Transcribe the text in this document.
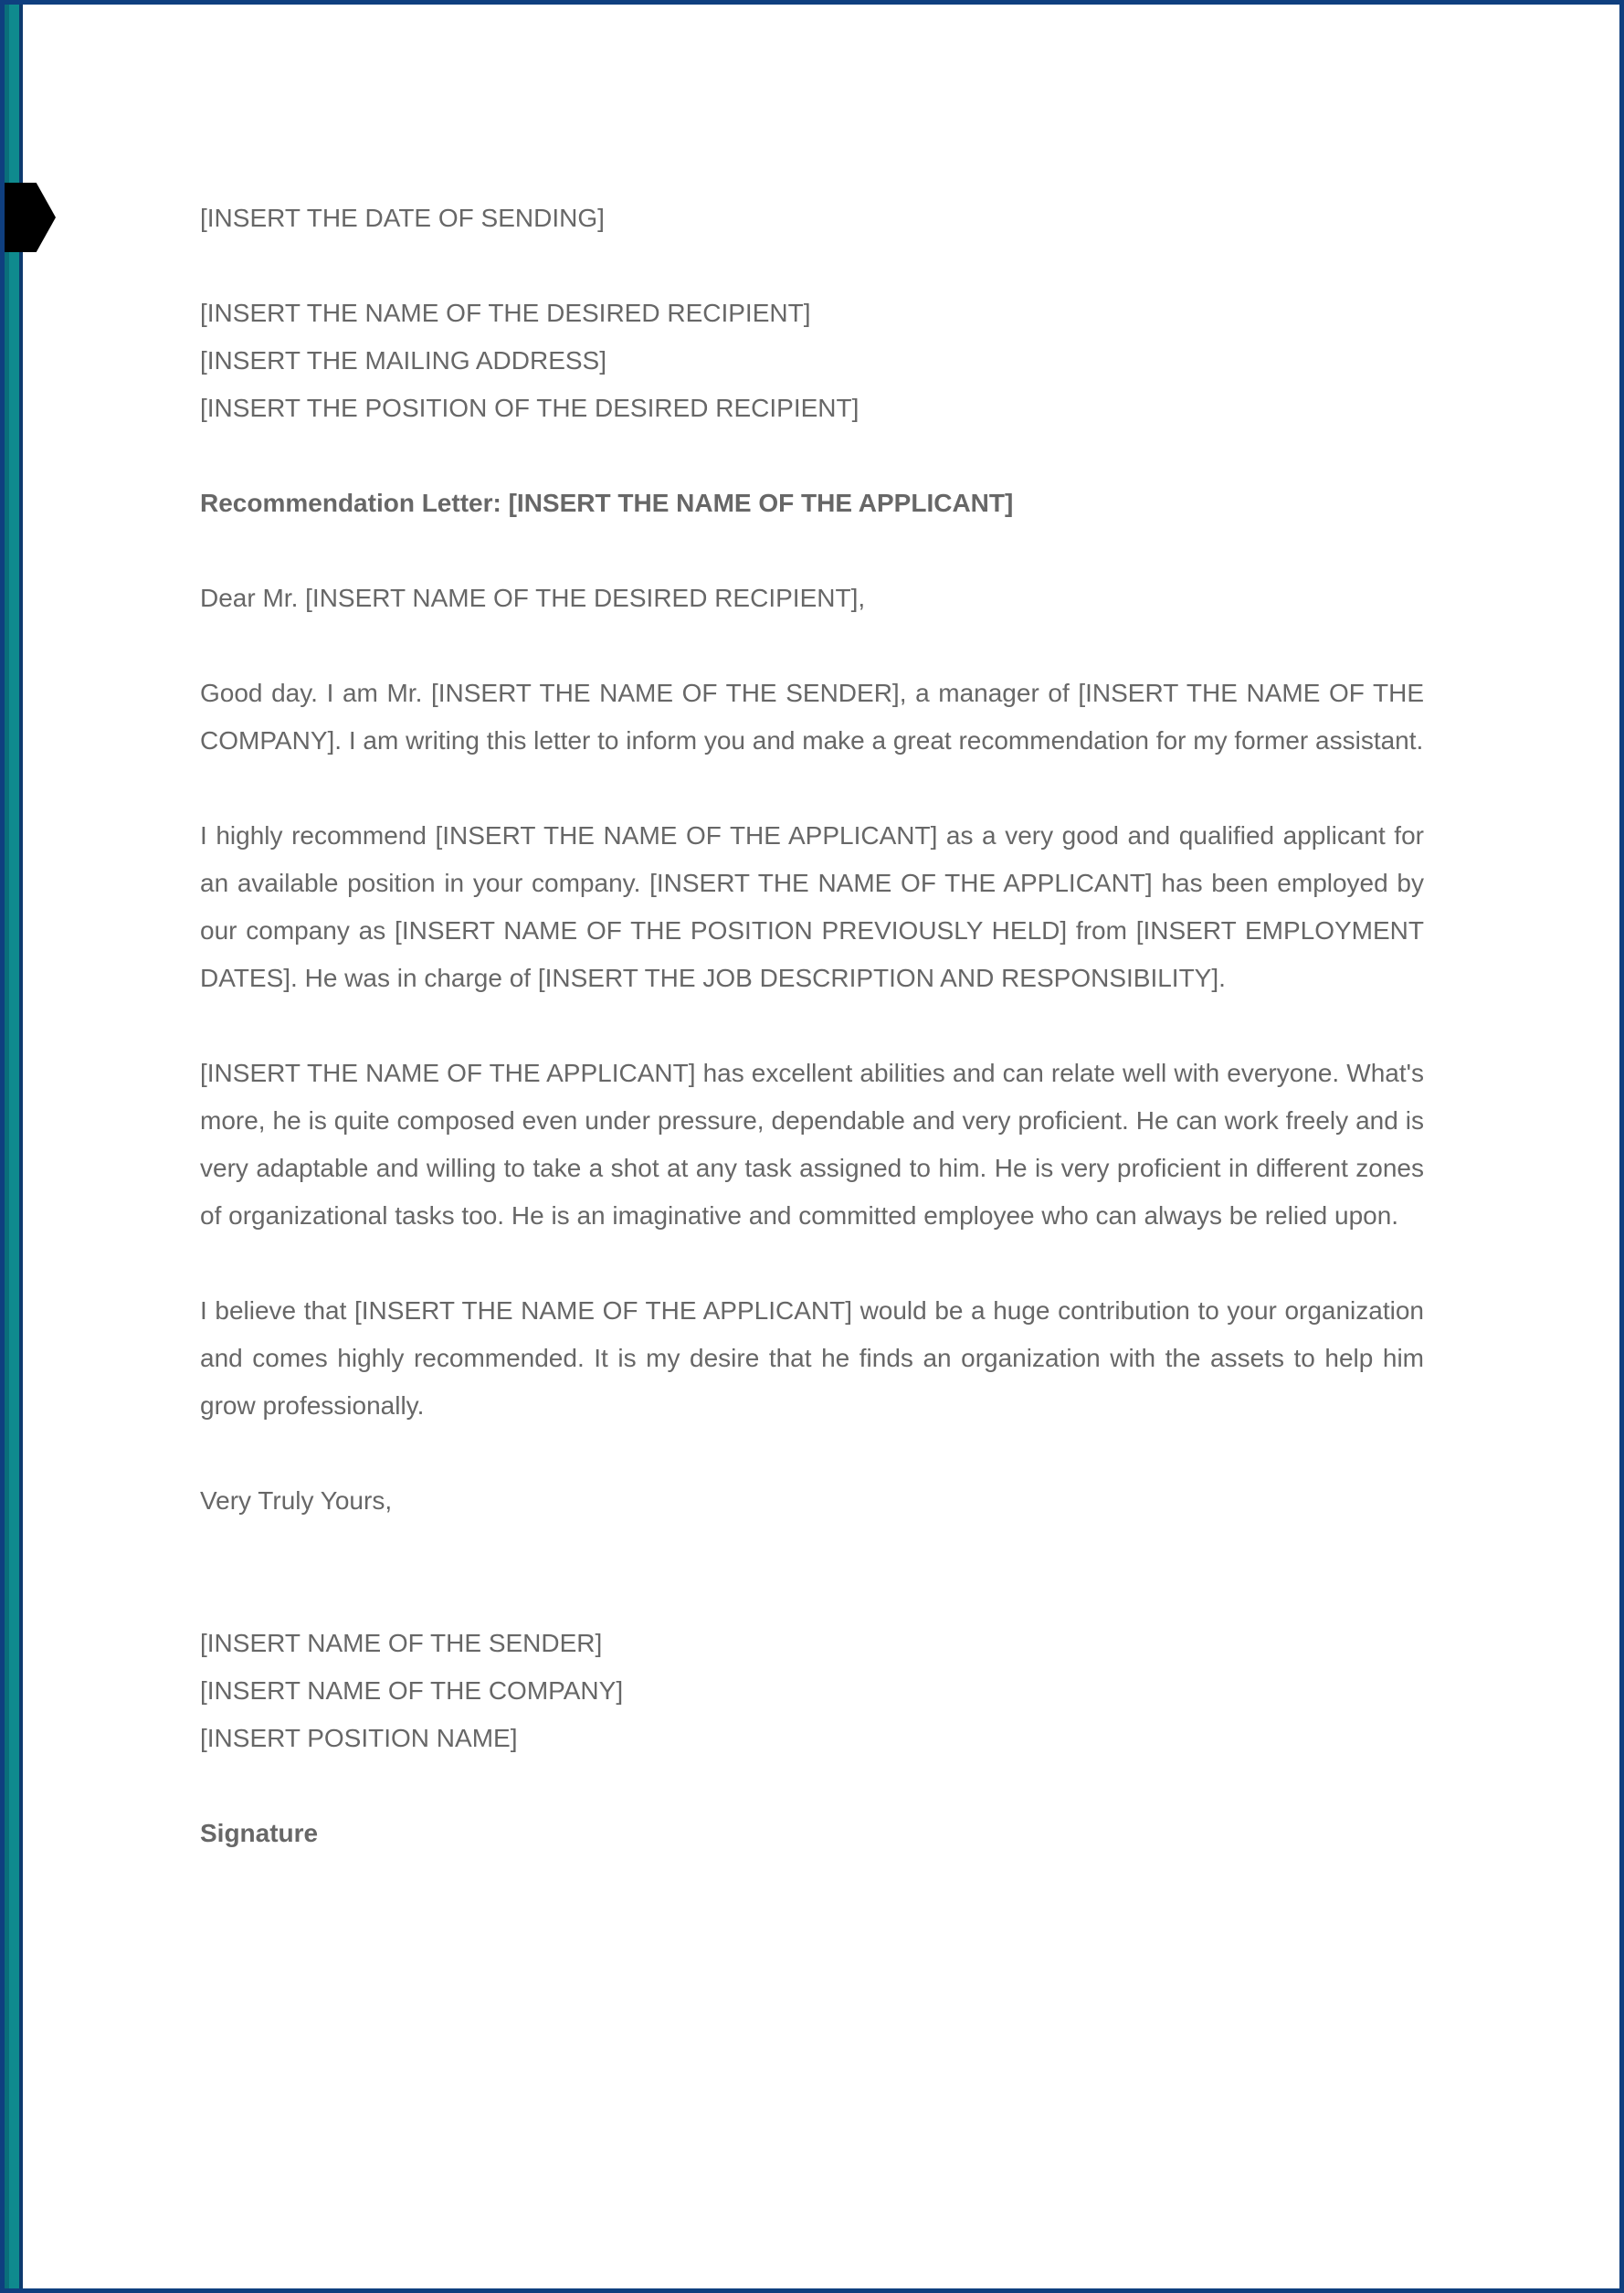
[INSERT THE DATE OF SENDING]

[INSERT THE NAME OF THE DESIRED RECIPIENT]

[INSERT THE MAILING ADDRESS]

[INSERT THE POSITION OF THE DESIRED RECIPIENT]

Recommendation Letter: [INSERT THE NAME OF THE APPLICANT]

Dear Mr. [INSERT NAME OF THE DESIRED RECIPIENT],

Good day. I am Mr. [INSERT THE NAME OF THE SENDER], a manager of [INSERT THE NAME OF THE COMPANY]. I am writing this letter to inform you and make a great recommendation for my former assistant.

I highly recommend [INSERT THE NAME OF THE APPLICANT] as a very good and qualified applicant for an available position in your company. [INSERT THE NAME OF THE APPLICANT] has been employed by our company as [INSERT NAME OF THE POSITION PREVIOUSLY HELD] from [INSERT EMPLOYMENT DATES]. He was in charge of [INSERT THE JOB DESCRIPTION AND RESPONSIBILITY].

[INSERT THE NAME OF THE APPLICANT] has excellent abilities and can relate well with everyone. What's more, he is quite composed even under pressure, dependable and very proficient. He can work freely and is very adaptable and willing to take a shot at any task assigned to him. He is very proficient in different zones of organizational tasks too. He is an imaginative and committed employee who can always be relied upon.

I believe that [INSERT THE NAME OF THE APPLICANT] would be a huge contribution to your organization and comes highly recommended. It is my desire that he finds an organization with the assets to help him grow professionally.

Very Truly Yours,

[INSERT NAME OF THE SENDER]

[INSERT NAME OF THE COMPANY]

[INSERT POSITION NAME]

Signature
